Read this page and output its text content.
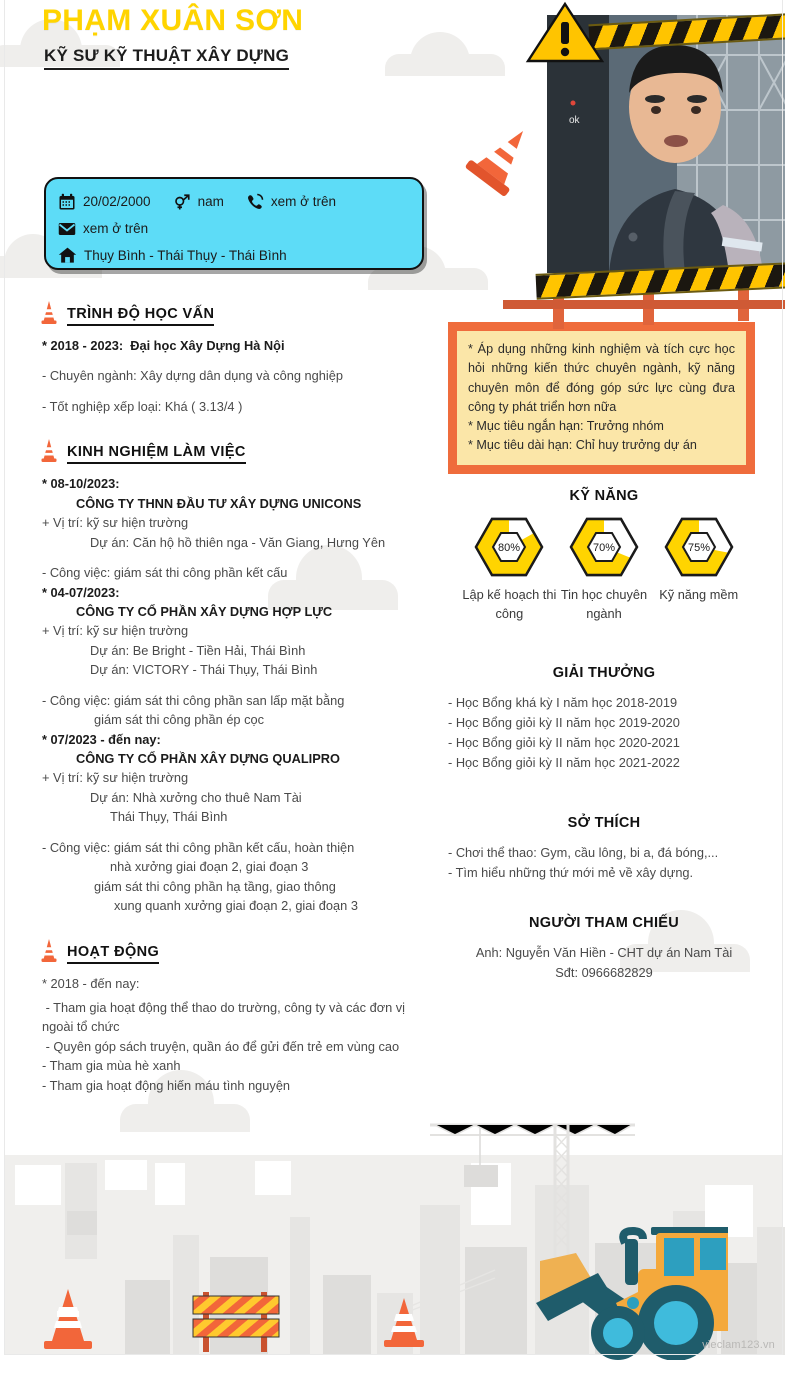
PHẠM XUÂN SƠN
KỸ SƯ KỸ THUẬT XÂY DỰNG
20/02/2000	nam	xem ở trên
xem ở trên
Thụy Bình - Thái Thụy - Thái Bình
TRÌNH ĐỘ HỌC VẤN
* 2018 - 2023:  Đại học Xây Dựng Hà Nội
- Chuyên ngành: Xây dựng dân dụng và công nghiệp
- Tốt nghiệp xếp loại: Khá ( 3.13/4 )
KINH NGHIỆM LÀM VIỆC
* 08-10/2023:
CÔNG TY THNN ĐẦU TƯ XÂY DỰNG UNICONS
+ Vị trí: kỹ sư hiện trường
Dự án: Căn hộ hồ thiên nga - Văn Giang, Hưng Yên
- Công việc: giám sát thi công phần kết cấu
* 04-07/2023:
CÔNG TY CỔ PHẦN XÂY DỰNG HỢP LỰC
+ Vị trí: kỹ sư hiện trường
Dự án: Be Bright - Tiền Hải, Thái Bình
Dự án: VICTORY - Thái Thụy, Thái Bình
- Công việc: giám sát thi công phần san lấp mặt bằng
giám sát thi công phần ép cọc
* 07/2023 - đến nay:
CÔNG TY CỔ PHẦN XÂY DỰNG QUALIPRO
+ Vị trí: kỹ sư hiện trường
Dự án: Nhà xưởng cho thuê Nam Tài
Thái Thụy, Thái Bình
- Công việc: giám sát thi công phần kết cấu, hoàn thiện
nhà xưởng giai đoạn 2, giai đoạn 3
giám sát thi công phần hạ tầng, giao thông
xung quanh xưởng giai đoạn 2, giai đoạn 3
HOẠT ĐỘNG
* 2018 - đến nay:
- Tham gia hoạt động thể thao do trường, công ty và các đơn vị ngoài tổ chức
- Quyên góp sách truyện, quần áo để gửi đến trẻ em vùng cao
- Tham gia mùa hè xanh
- Tham gia hoạt động hiến máu tình nguyện
ok
* Áp dụng những kinh nghiệm và tích cực học hỏi những kiến thức chuyên ngành, kỹ năng chuyên môn để đóng góp sức lực cùng đưa công ty phát triển hơn nữa
* Mục tiêu ngắn hạn: Trưởng nhóm
* Mục tiêu dài hạn: Chỉ huy trưởng dự án
KỸ NĂNG
80%
Lập kế hoạch thi công
70%
Tin học chuyên ngành
75%
Kỹ năng mềm
GIẢI THƯỞNG
- Học Bổng khá kỳ I năm học 2018-2019
- Học Bổng giỏi kỳ II năm học 2019-2020
- Học Bổng giỏi kỳ II năm học 2020-2021
- Học Bổng giỏi kỳ II năm học 2021-2022
SỞ THÍCH
- Chơi thể thao: Gym, cầu lông, bi a, đá bóng,...
- Tìm hiểu những thứ mới mẻ về xây dựng.
NGƯỜI THAM CHIẾU
Anh: Nguyễn Văn Hiền - CHT dự án Nam Tài
Sđt: 0966682829
vieclam123.vn
